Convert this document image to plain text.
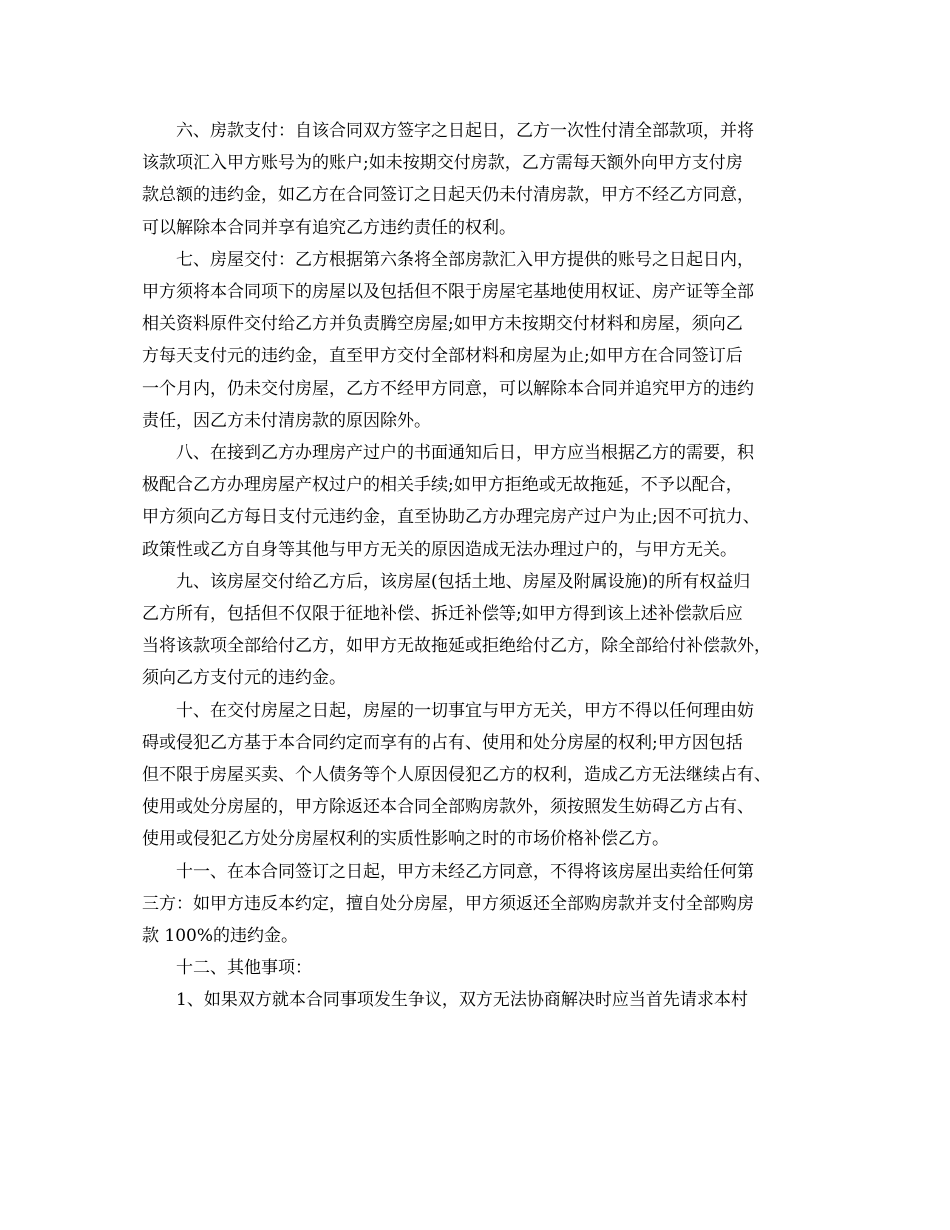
六、房款支付：自该合同双方签字之日起日，乙方一次性付清全部款项，并将
该款项汇入甲方账号为的账户;如未按期交付房款，乙方需每天额外向甲方支付房
款总额的违约金，如乙方在合同签订之日起天仍未付清房款，甲方不经乙方同意，
可以解除本合同并享有追究乙方违约责任的权利。
七、房屋交付：乙方根据第六条将全部房款汇入甲方提供的账号之日起日内，
甲方须将本合同项下的房屋以及包括但不限于房屋宅基地使用权证、房产证等全部
相关资料原件交付给乙方并负责腾空房屋;如甲方未按期交付材料和房屋，须向乙
方每天支付元的违约金，直至甲方交付全部材料和房屋为止;如甲方在合同签订后
一个月内，仍未交付房屋，乙方不经甲方同意，可以解除本合同并追究甲方的违约
责任，因乙方未付清房款的原因除外。
八、在接到乙方办理房产过户的书面通知后日，甲方应当根据乙方的需要，积
极配合乙方办理房屋产权过户的相关手续;如甲方拒绝或无故拖延，不予以配合，
甲方须向乙方每日支付元违约金，直至协助乙方办理完房产过户为止;因不可抗力、
政策性或乙方自身等其他与甲方无关的原因造成无法办理过户的，与甲方无关。
九、该房屋交付给乙方后，该房屋(包括土地、房屋及附属设施)的所有权益归
乙方所有，包括但不仅限于征地补偿、拆迁补偿等;如甲方得到该上述补偿款后应
当将该款项全部给付乙方，如甲方无故拖延或拒绝给付乙方，除全部给付补偿款外，
须向乙方支付元的违约金。
十、在交付房屋之日起，房屋的一切事宜与甲方无关，甲方不得以任何理由妨
碍或侵犯乙方基于本合同约定而享有的占有、使用和处分房屋的权利;甲方因包括
但不限于房屋买卖、个人债务等个人原因侵犯乙方的权利，造成乙方无法继续占有、
使用或处分房屋的，甲方除返还本合同全部购房款外，须按照发生妨碍乙方占有、
使用或侵犯乙方处分房屋权利的实质性影响之时的市场价格补偿乙方。
十一、在本合同签订之日起，甲方未经乙方同意，不得将该房屋出卖给任何第
三方：如甲方违反本约定，擅自处分房屋，甲方须返还全部购房款并支付全部购房
款 100%的违约金。
十二、其他事项：
1、如果双方就本合同事项发生争议，双方无法协商解决时应当首先请求本村
